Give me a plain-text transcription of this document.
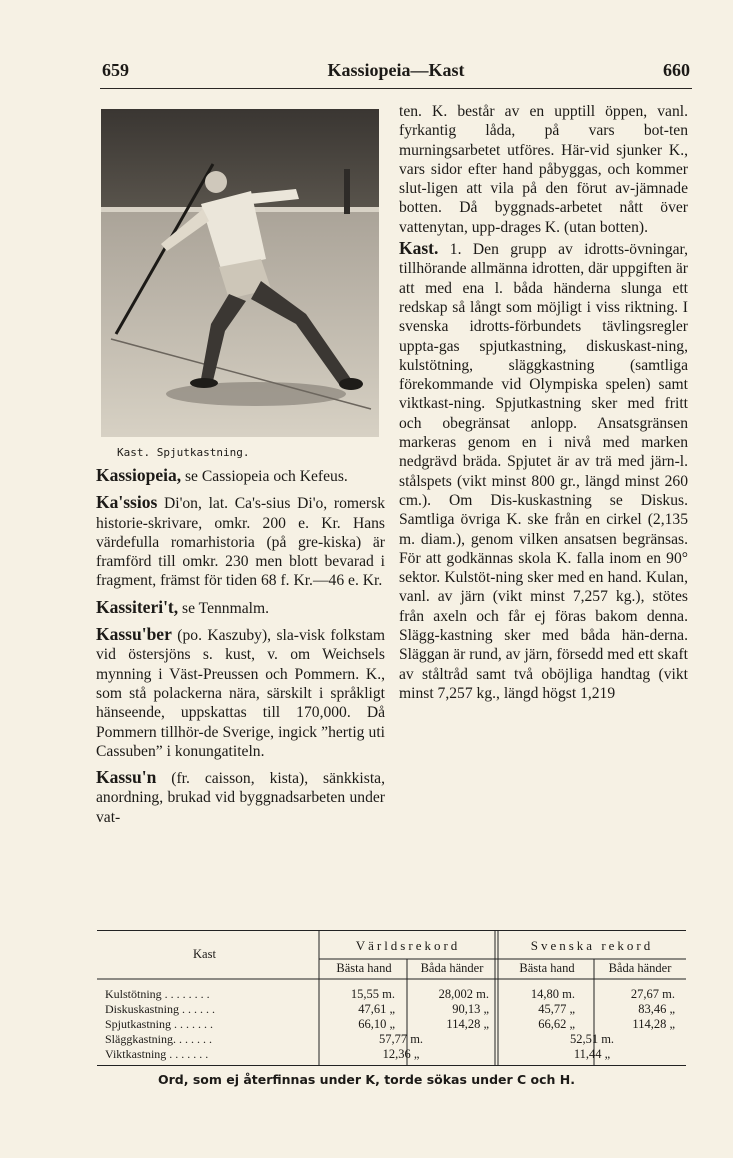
659	Kassiopeia—Kast	660
Kast. Spjutkastning.

Kassiopeia, se Cassiopeia och Kefeus.

Ka'ssios Di'on, lat. Ca's-sius Di'o, romersk historie-skrivare, omkr. 200 e. Kr. Hans värdefulla romarhistoria (på gre-kiska) är framförd till omkr. 230 men blott bevarad i fragment, främst för tiden 68 f. Kr.—46 e. Kr.

Kassiteri't, se Tennmalm.

Kassu'ber (po. Kaszuby), sla-visk folkstam vid östersjöns s. kust, v. om Weichsels mynning i Väst-Preussen och Pommern. K., som stå polackerna nära, särskilt i språkligt hänseende, uppskattas till 170,000. Då Pommern tillhör-de Sverige, ingick ”hertig uti Cassuben” i konungatiteln.

Kassu'n (fr. caisson, kista), sänkkista, anordning, brukad vid byggnadsarbeten under vat-

ten. K. består av en upptill öppen, vanl. fyrkantig låda, på vars bot-ten murningsarbetet utföres. Här-vid sjunker K., vars sidor efter hand påbyggas, och kommer slut-ligen att vila på den förut av-jämnade botten. Då byggnads-arbetet nått över vattenytan, upp-drages K. (utan botten).

Kast. 1. Den grupp av idrotts-övningar, tillhörande allmänna idrotten, där uppgiften är att med ena l. båda händerna slunga ett redskap så långt som möjligt i viss riktning. I svenska idrotts-förbundets tävlingsregler uppta-gas spjutkastning, diskuskast-ning, kulstötning, släggkastning (samtliga förekommande vid Olympiska spelen) samt viktkast-ning. Spjutkastning sker med fritt och obegränsat anlopp. Ansatsgränsen markeras genom en i nivå med marken nedgrävd bräda. Spjutet är av trä med järn-l. stålspets (vikt minst 800 gr., längd minst 260 cm.). Om Dis-kuskastning se Diskus. Samtliga övriga K. ske från en cirkel (2,135 m. diam.), genom vilken ansatsen begränsas. För att godkännas skola K. falla inom en 90° sektor. Kulstöt-ning sker med en hand. Kulan, vanl. av järn (vikt minst 7,257 kg.), stötes från axeln och får ej föras bakom denna. Slägg-kastning sker med båda hän-derna. Släggan är rund, av järn, försedd med ett skaft av ståltråd samt två oböjliga handtag (vikt minst 7,257 kg., längd högst 1,219

Kast
Världsrekord	Svenska rekord
Bästa hand	Båda händer	Bästa hand	Båda händer
Kulstötning . . . . . . . .	15,55 m.	28,002 m.	14,80 m.	27,67 m.
Diskuskastning . . . . . .	47,61 „	90,13 „	45,77 „	83,46 „
Spjutkastning . . . . . . .	66,10 „	114,28 „	66,62 „	114,28 „
Släggkastning. . . . . . .	57,77 m.	52,51 m.
Viktkastning . . . . . . .	12,36 „	11,44 „
Ord, som ej återfinnas under K, torde sökas under C och H.
